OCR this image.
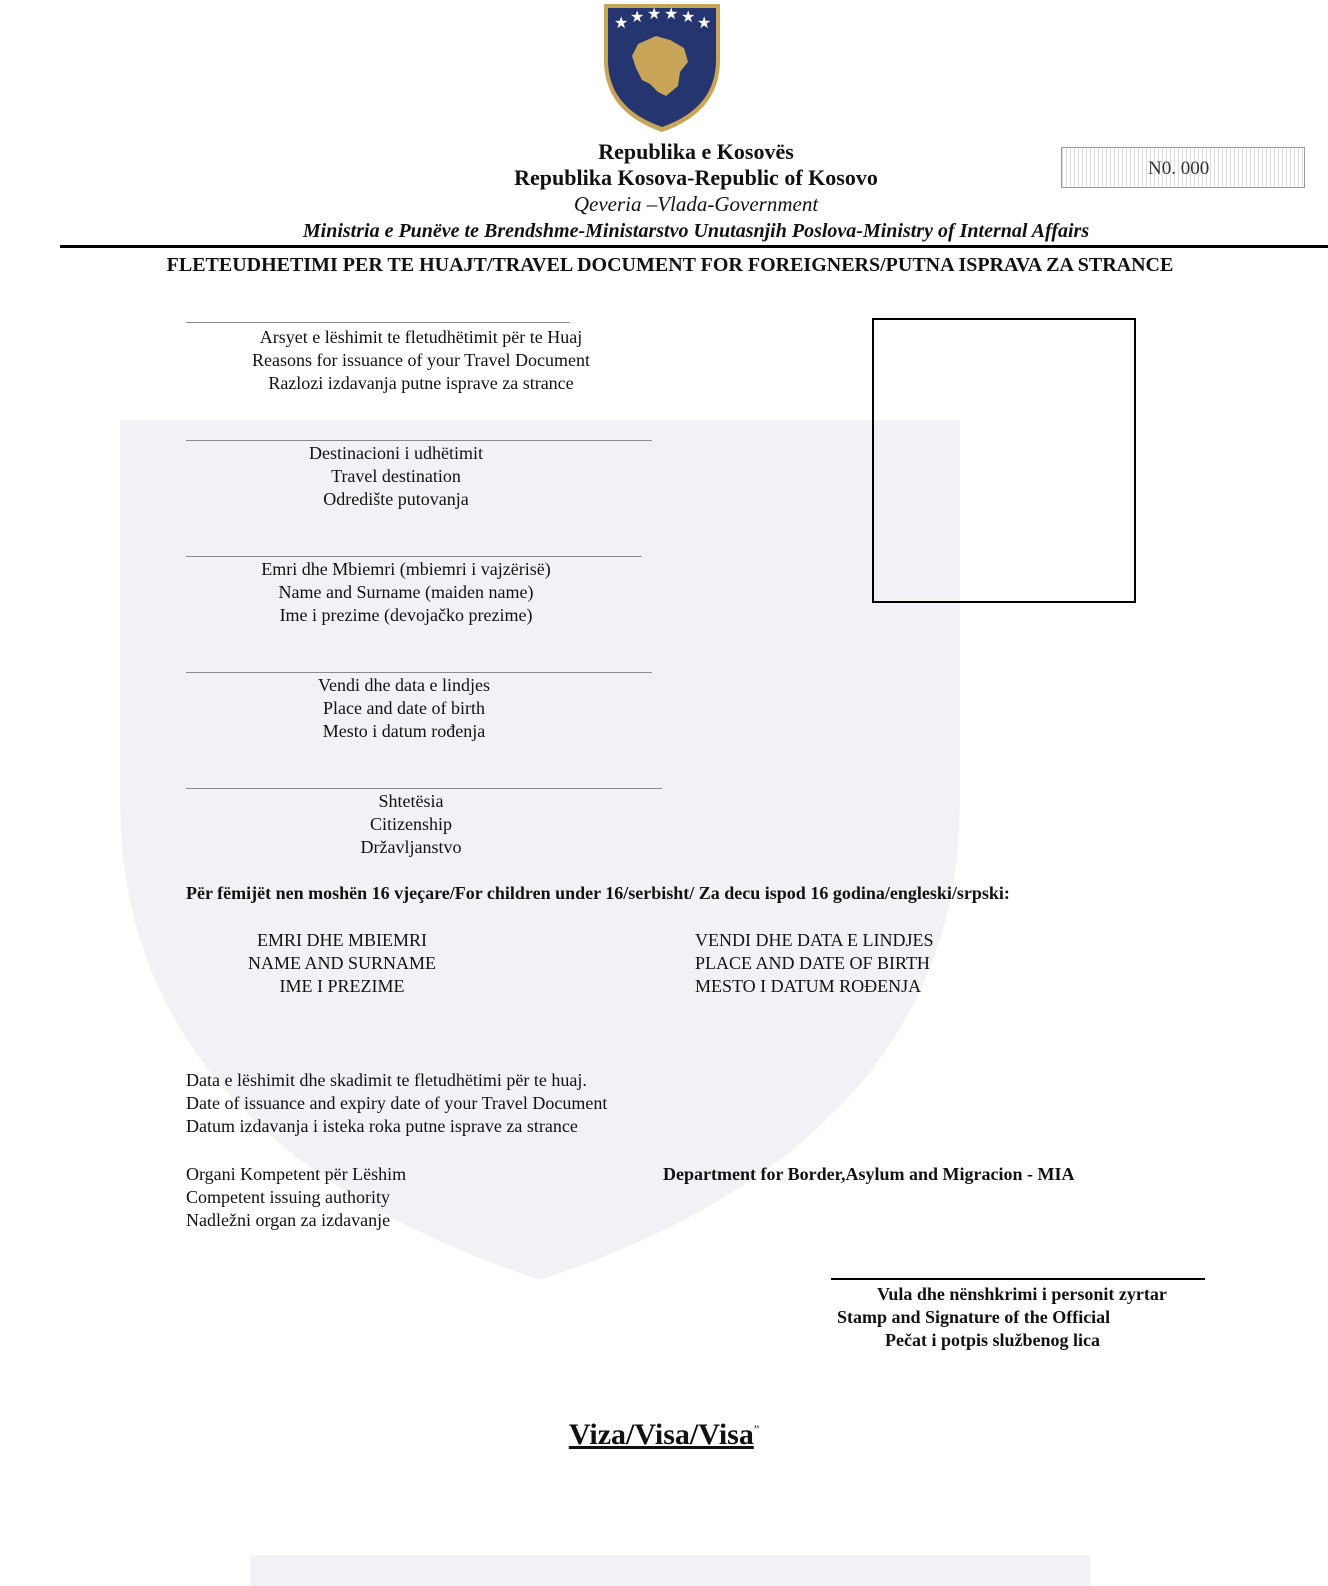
★ ★ ★ ★ ★ ★
Republika e Kosovës
Republika Kosova-Republic of Kosovo
Qeveria –Vlada-Government
Ministria e Punëve te Brendshme-Ministarstvo Unutasnjih Poslova-Ministry of Internal Affairs
N0. 000
FLETEUDHETIMI PER TE HUAJT/TRAVEL DOCUMENT FOR FOREIGNERS/PUTNA ISPRAVA ZA STRANCE
Arsyet e lëshimit te fletudhëtimit për te Huaj
Reasons for issuance of your Travel Document
Razlozi izdavanja putne isprave za strance
Destinacioni i udhëtimit
Travel destination
Odredište putovanja
Emri dhe Mbiemri (mbiemri i vajzërisë)
Name and Surname (maiden name)
Ime i prezime (devojačko prezime)
Vendi dhe data e lindjes
Place and date of birth
Mesto i datum rođenja
Shtetësia
Citizenship
Državljanstvo
Për fëmijët nen moshën 16 vjeçare/For children under 16/serbisht/ Za decu ispod 16 godina/engleski/srpski:
EMRI DHE MBIEMRI
NAME AND SURNAME
IME I PREZIME
VENDI DHE DATA E LINDJES
PLACE AND DATE OF BIRTH
MESTO I DATUM ROĐENJA
Data e lëshimit dhe skadimit te fletudhëtimi për te huaj.
Date of issuance and expiry date of your Travel Document
Datum izdavanja i isteka roka putne isprave za strance
Organi Kompetent për Lëshim
Competent issuing authority
Nadležni organ za izdavanje
Department for Border,Asylum and Migracion - MIA
Vula dhe nënshkrimi i personit zyrtar
Stamp and Signature of the Official
Pečat i potpis službenog lica
Viza/Visa/Visa”
